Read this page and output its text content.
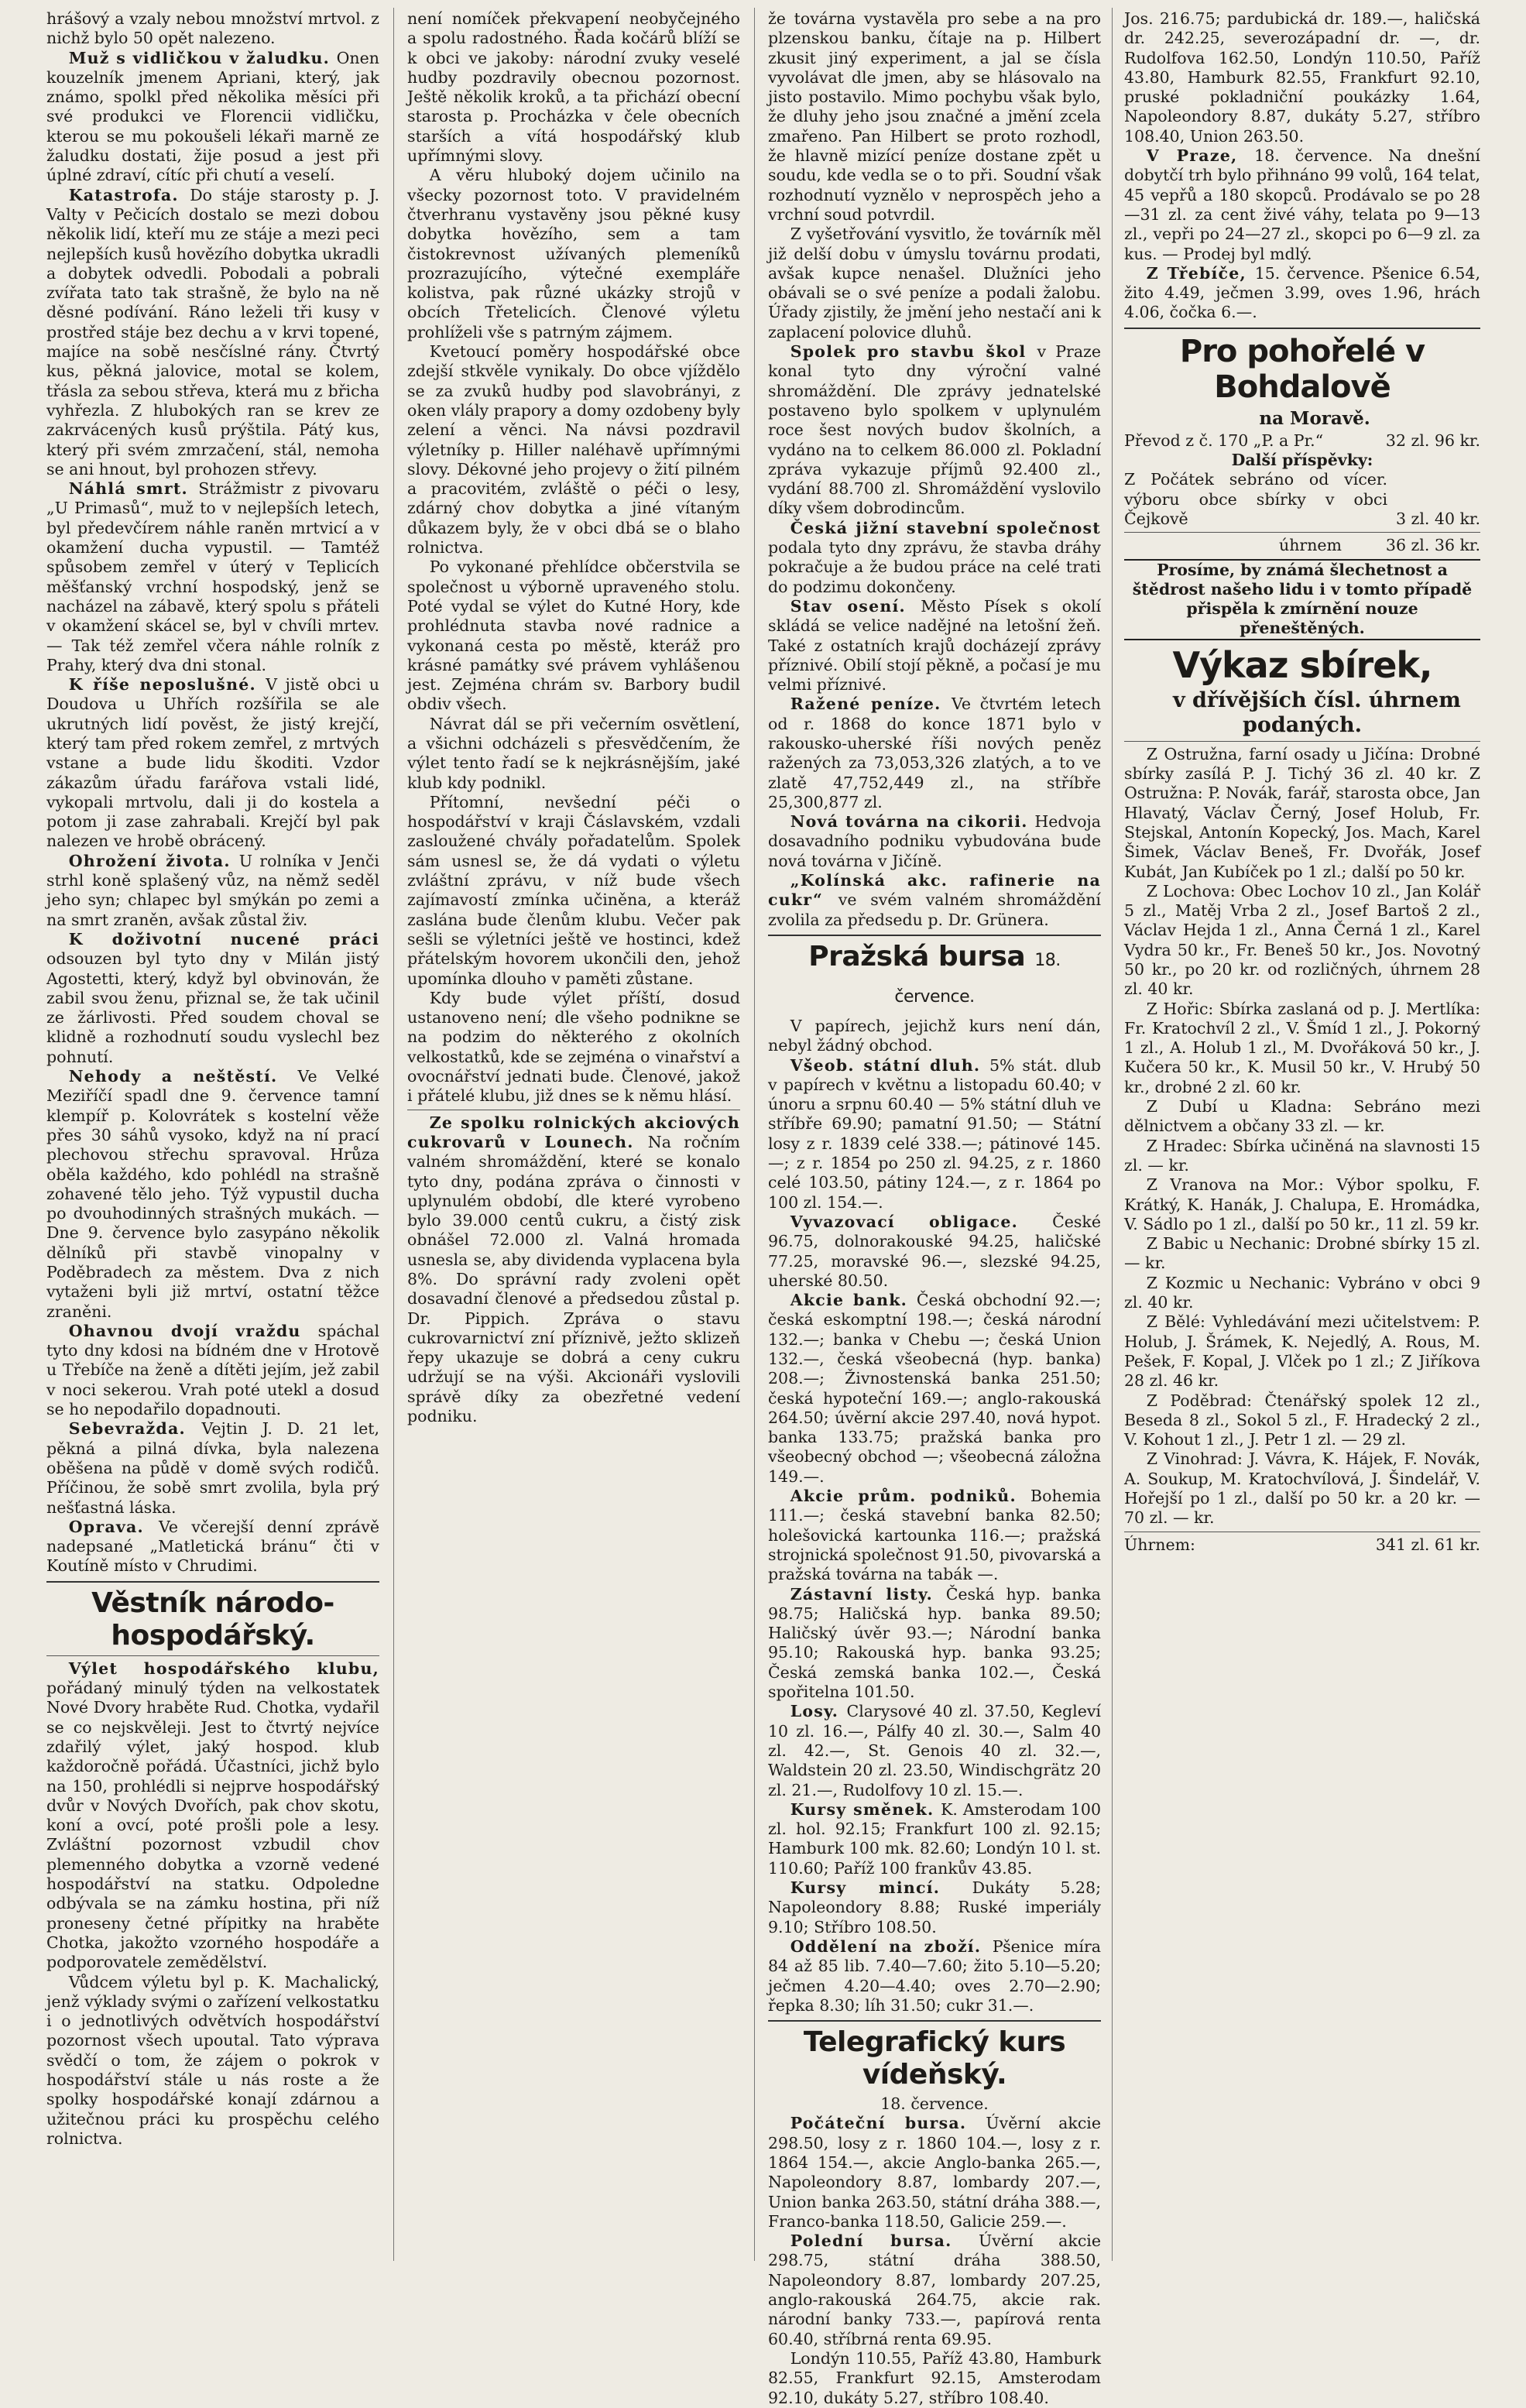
hrášový a vzaly nebou množství mrtvol. z nichž bylo 50 opět nalezeno.

Muž s vidličkou v žaludku. Onen kouzelník jmenem Apriani, který, jak známo, spolkl před několika měsíci při své produkci ve Florencii vidličku, kterou se mu pokoušeli lékaři marně ze žaludku dostati, žije posud a jest při úplné zdraví, cítíc při chutí a veselí.

Katastrofa. Do stáje starosty p. J. Valty v Pečicích dostalo se mezi dobou několik lidí, kteří mu ze stáje a mezi peci nejlepších kusů hovězího dobytka ukradli a dobytek odvedli. Pobodali a pobrali zvířata tato tak strašně, že bylo na ně děsné podívání. Ráno leželi tři kusy v prostřed stáje bez dechu a v krvi topené, majíce na sobě nesčíslné rány. Čtvrtý kus, pěkná jalovice, motal se kolem, třásla za sebou střeva, která mu z břicha vyhřezla. Z hlubokých ran se krev ze zakrvácených kusů prýštila. Pátý kus, který při svém zmrzačení, stál, nemoha se ani hnout, byl prohozen střevy.

Náhlá smrt. Strážmistr z pivovaru „U Primasů“, muž to v nejlepších letech, byl předevčírem náhle raněn mrtvicí a v okamžení ducha vypustil. — Tamtéž spůsobem zemřel v úterý v Teplicích měšťanský vrchní hospodský, jenž se nacházel na zábavě, který spolu s přáteli v okamžení skácel se, byl v chvíli mrtev. — Tak též zemřel včera náhle rolník z Prahy, který dva dni stonal.

K říše neposlušné. V jistě obci u Doudova u Uhřích rozšířila se ale ukrutných lidí pověst, že jistý krejčí, který tam před rokem zemřel, z mrtvých vstane a bude lidu škoditi. Vzdor zákazům úřadu farářova vstali lidé, vykopali mrtvolu, dali ji do kostela a potom ji zase zahrabali. Krejčí byl pak nalezen ve hrobě obrácený.

Ohrožení života. U rolníka v Jenči strhl koně splašený vůz, na němž seděl jeho syn; chlapec byl smýkán po zemi a na smrt zraněn, avšak zůstal živ.

K doživotní nucené práciodsouzen byl tyto dny v Milán jistý Agostetti, který, když byl obvinován, že zabil svou ženu, přiznal se, že tak učinil ze žárlivosti. Před soudem choval se klidně a rozhodnutí soudu vyslechl bez pohnutí.

Nehody a neštěstí. Ve Velké Meziříčí spadl dne 9. července tamní klempíř p. Kolovrátek s kostelní věže přes 30 sáhů vysoko, když na ní prací plechovou střechu spravoval. Hrůza oběla každého, kdo pohlédl na strašně zohavené tělo jeho. Týž vypustil ducha po dvouhodinných strašných mukách. — Dne 9. července bylo zasypáno několik dělníků při stavbě vinopalny v Poděbradech za městem. Dva z nich vytaženi byli již mrtví, ostatní těžce zraněni.

Ohavnou dvojí vraždu spáchal tyto dny kdosi na bídném dne v Hrotově u Třebíče na ženě a dítěti jejím, jež zabil v noci sekerou. Vrah poté utekl a dosud se ho nepodařilo dopadnouti.

Sebevražda. Vejtin J. D. 21 let, pěkná a pilná dívka, byla nalezena oběšena na půdě v domě svých rodičů. Příčinou, že sobě smrt zvolila, byla prý nešťastná láska.

Oprava. Ve včerejší denní zprávě nadepsané „Matletická bránu“ čti v Koutíně místo v Chrudimi.

Věstník národo-hospodářský.

Výlet hospodářského klubu,pořádaný minulý týden na velkostatek Nové Dvory hraběte Rud. Chotka, vydařil se co nejskvěleji. Jest to čtvrtý nejvíce zdařilý výlet, jaký hospod. klub každoročně pořádá. Účastníci, jichž bylo na 150, prohlédli si nejprve hospodářský dvůr v Nových Dvořích, pak chov skotu, koní a ovcí, poté prošli pole a lesy. Zvláštní pozornost vzbudil chov plemenného dobytka a vzorně vedené hospodářství na statku. Odpoledne odbývala se na zámku hostina, při níž proneseny četné přípitky na hraběte Chotka, jakožto vzorného hospodáře a podporovatele zemědělství.

Vůdcem výletu byl p. K. Machalický, jenž výklady svými o zařízení velkostatku i o jednotlivých odvětvích hospodářství pozornost všech upoutal. Tato výprava svědčí o tom, že zájem o pokrok v hospodářství stále u nás roste a že spolky hospodářské konají zdárnou a užitečnou práci ku prospěchu celého rolnictva.

není nomíček překvapení neobyčejného a spolu radostného. Řada kočárů blíží se k obci ve jakoby: národní zvuky veselé hudby pozdravily obecnou pozornost. Ještě několik kroků, a ta přichází obecní starosta p. Procházka v čele obecních starších a vítá hospodářský klub upřímnými slovy.

A věru hluboký dojem učinilo na všecky pozornost toto. V pravidelném čtverhranu vystavěny jsou pěkné kusy dobytka hovězího, sem a tam čistokrevnost užívaných plemeníků prozrazujícího, výtečné exempláře kolistva, pak různé ukázky strojů v obcích Třetelicích. Členové výletu prohlíželi vše s patrným zájmem.

Kvetoucí poměry hospodářské obce zdejší stkvěle vynikaly. Do obce vjíždělo se za zvuků hudby pod slavobrányi, z oken vlály prapory a domy ozdobeny byly zelení a věnci. Na návsi pozdravil výletníky p. Hiller naléhavě upřímnými slovy. Dékovné jeho projevy o žití pilném a pracovitém, zvláště o péči o lesy, zdárný chov dobytka a jiné vítaným důkazem byly, že v obci dbá se o blaho rolnictva.

Po vykonané přehlídce občerstvila se společnost u výborně upraveného stolu. Poté vydal se výlet do Kutné Hory, kde prohlédnuta stavba nové radnice a vykonaná cesta po městě, kteráž pro krásné památky své právem vyhlášenou jest. Zejména chrám sv. Barbory budil obdiv všech.

Návrat dál se při večerním osvětlení, a všichni odcházeli s přesvědčením, že výlet tento řadí se k nejkrásnějším, jaké klub kdy podnikl.

Přítomní, nevšední péči o hospodářství v kraji Čáslavském, vzdali zasloužené chvály pořadatelům. Spolek sám usnesl se, že dá vydati o výletu zvláštní zprávu, v níž bude všech zajímavostí zmínka učiněna, a kteráž zaslána bude členům klubu. Večer pak sešli se výletníci ještě ve hostinci, kdež přátelským hovorem ukončili den, jehož upomínka dlouho v paměti zůstane.

Kdy bude výlet příští, dosud ustanoveno není; dle všeho podnikne se na podzim do některého z okolních velkostatků, kde se zejména o vinařství a ovocnářství jednati bude. Členové, jakož i přátelé klubu, již dnes se k němu hlásí.

Ze spolku rolnických akciových cukrovarů v Lounech. Na ročním valném shromáždění, které se konalo tyto dny, podána zpráva o činnosti v uplynulém období, dle které vyrobeno bylo 39.000 centů cukru, a čistý zisk obnášel 72.000 zl. Valná hromada usnesla se, aby dividenda vyplacena byla 8%. Do správní rady zvoleni opět dosavadní členové a předsedou zůstal p. Dr. Pippich. Zpráva o stavu cukrovarnictví zní příznivě, ježto sklizeň řepy ukazuje se dobrá a ceny cukru udržují se na výši. Akcionáři vyslovili správě díky za obezřetné vedení podniku.

že továrna vystavěla pro sebe a na pro plzenskou banku, čítaje na p. Hilbert zkusit jiný experiment, a jal se čísla vyvolávat dle jmen, aby se hlásovalo na jisto postavilo. Mimo pochybu však bylo, že dluhy jeho jsou značné a jmění zcela zmařeno. Pan Hilbert se proto rozhodl, že hlavně mizící peníze dostane zpět u soudu, kde vedla se o to při. Soudní však rozhodnutí vyznělo v neprospěch jeho a vrchní soud potvrdil.

Z vyšetřování vysvitlo, že továrník měl již delší dobu v úmyslu továrnu prodati, avšak kupce nenašel. Dlužníci jeho obávali se o své peníze a podali žalobu. Úřady zjistily, že jmění jeho nestačí ani k zaplacení polovice dluhů.

Spolek pro stavbu škol v Praze konal tyto dny výroční valné shromáždění. Dle zprávy jednatelské postaveno bylo spolkem v uplynulém roce šest nových budov školních, a vydáno na to celkem 86.000 zl. Pokladní zpráva vykazuje příjmů 92.400 zl., vydání 88.700 zl. Shromáždění vyslovilo díky všem dobrodincům.

Česká jižní stavební společnostpodala tyto dny zprávu, že stavba dráhy pokračuje a že budou práce na celé trati do podzimu dokončeny.

Stav osení. Město Písek s okolí skládá se velice nadějné na letošní žeň. Také z ostatních krajů docházejí zprávy příznivé. Obilí stojí pěkně, a počasí je mu velmi příznivé.

Ražené peníze. Ve čtvrtém letech od r. 1868 do konce 1871 bylo v rakousko-uherské říši nových peněz ražených za 73,053,326 zlatých, a to ve zlatě 47,752,449 zl., na stříbře 25,300,877 zl.

Nová továrna na cikorii. Hedvoja dosavadního podniku vybudována bude nová továrna v Jičíně.

„Kolínská akc. rafinerie na cukr“ ve svém valném shromáždění zvolila za předsedu p. Dr. Grünera.

Pražská bursa 18. července.

V papírech, jejichž kurs není dán, nebyl žádný obchod.

Všeob. státní dluh. 5% stát. dlub v papírech v květnu a listopadu 60.40; v únoru a srpnu 60.40 — 5% státní dluh ve stříbře 69.90; pamatní 91.50; — Státní losy z r. 1839 celé 338.—; pátinové 145.—; z r. 1854 po 250 zl. 94.25, z r. 1860 celé 103.50, pátiny 124.—, z r. 1864 po 100 zl. 154.—.

Vyvazovací obligace. České 96.75, dolnorakouské 94.25, haličské 77.25, moravské 96.—, slezské 94.25, uherské 80.50.

Akcie bank. Česká obchodní 92.—; česká eskomptní 198.—; česká národní 132.—; banka v Chebu —; česká Union 132.—, česká všeobecná (hyp. banka) 208.—; Živnostenská banka 251.50; česká hypoteční 169.—; anglo-rakouská 264.50; úvěrní akcie 297.40, nová hypot. banka 133.75; pražská banka pro všeobecný obchod —; všeobecná záložna 149.—.

Akcie prům. podniků. Bohemia 111.—; česká stavební banka 82.50; holešovická kartounka 116.—; pražská strojnická společnost 91.50, pivovarská a pražská továrna na tabák —.

Zástavní listy. Česká hyp. banka 98.75; Haličská hyp. banka 89.50; Haličský úvěr 93.—; Národní banka 95.10; Rakouská hyp. banka 93.25; Česká zemská banka 102.—, Česká spořitelna 101.50.

Losy. Clarysové 40 zl. 37.50, Kegleví 10 zl. 16.—, Pálfy 40 zl. 30.—, Salm 40 zl. 42.—, St. Genois 40 zl. 32.—, Waldstein 20 zl. 23.50, Windischgrätz 20 zl. 21.—, Rudolfovy 10 zl. 15.—.

Kursy směnek. K. Amsterodam 100 zl. hol. 92.15; Frankfurt 100 zl. 92.15; Hamburk 100 mk. 82.60; Londýn 10 l. st. 110.60; Paříž 100 frankův 43.85.

Kursy mincí. Dukáty 5.28; Napoleondory 8.88; Ruské imperiály 9.10; Stříbro 108.50.

Oddělení na zboží. Pšenice míra 84 až 85 lib. 7.40—7.60; žito 5.10—5.20; ječmen 4.20—4.40; oves 2.70—2.90; řepka 8.30; líh 31.50; cukr 31.—.

Telegrafický kurs vídeňský.

18. července.

Počáteční bursa. Úvěrní akcie 298.50, losy z r. 1860 104.—, losy z r. 1864 154.—, akcie Anglo-banka 265.—, Napoleondory 8.87, lombardy 207.—, Union banka 263.50, státní dráha 388.—, Franco-banka 118.50, Galicie 259.—.

Polední bursa. Úvěrní akcie 298.75, státní dráha 388.50, Napoleondory 8.87, lombardy 207.25, anglo-rakouská 264.75, akcie rak. národní banky 733.—, papírová renta 60.40, stříbrná renta 69.95.

Londýn 110.55, Paříž 43.80, Hamburk 82.55, Frankfurt 92.15, Amsterodam 92.10, dukáty 5.27, stříbro 108.40.

Jos. 216.75; pardubická dr. 189.—, haličská dr. 242.25, severozápadní dr. —, dr. Rudolfova 162.50, Londýn 110.50, Paříž 43.80, Hamburk 82.55, Frankfurt 92.10, pruské pokladniční poukázky 1.64, Napoleondory 8.87, dukáty 5.27, stříbro 108.40, Union 263.50.

V Praze, 18. července. Na dnešní dobytčí trh bylo přihnáno 99 volů, 164 telat, 45 vepřů a 180 skopců. Prodávalo se po 28—31 zl. za cent živé váhy, telata po 9—13 zl., vepři po 24—27 zl., skopci po 6—9 zl. za kus. — Prodej byl mdlý.

Z Třebíče, 15. července. Pšenice 6.54, žito 4.49, ječmen 3.99, oves 1.96, hrách 4.06, čočka 6.—.

Pro pohořelé v Bohdalově

na Moravě.

Převod z č. 170 „P. a Pr.“	32 zl. 96 kr.

Další příspěvky:

Z Počátek sebráno od vícer. výboru obce sbírky v obci Čejkově	3 zl. 40 kr.

úhrnem	36 zl. 36 kr.

Prosíme, by známá šlechetnost a štědrost našeho lidu i v tomto případě přispěla k zmírnění nouze přeneštěných.

Výkaz sbírek,

v dřívějších čísl. úhrnem podaných.

Z Ostružna, farní osady u Jičína: Drobné sbírky zasílá P. J. Tichý 36 zl. 40 kr. Z Ostružna: P. Novák, farář, starosta obce, Jan Hlavatý, Václav Černý, Josef Holub, Fr. Stejskal, Antonín Kopecký, Jos. Mach, Karel Šimek, Václav Beneš, Fr. Dvořák, Josef Kubát, Jan Kubíček po 1 zl.; další po 50 kr.

Z Lochova: Obec Lochov 10 zl., Jan Kolář 5 zl., Matěj Vrba 2 zl., Josef Bartoš 2 zl., Václav Hejda 1 zl., Anna Černá 1 zl., Karel Vydra 50 kr., Fr. Beneš 50 kr., Jos. Novotný 50 kr., po 20 kr. od rozličných, úhrnem 28 zl. 40 kr.

Z Hořic: Sbírka zaslaná od p. J. Mertlíka: Fr. Kratochvíl 2 zl., V. Šmíd 1 zl., J. Pokorný 1 zl., A. Holub 1 zl., M. Dvořáková 50 kr., J. Kučera 50 kr., K. Musil 50 kr., V. Hrubý 50 kr., drobné 2 zl. 60 kr.

Z Dubí u Kladna: Sebráno mezi dělnictvem a občany 33 zl. — kr.

Z Hradec: Sbírka učiněná na slavnosti 15 zl. — kr.

Z Vranova na Mor.: Výbor spolku, F. Krátký, K. Hanák, J. Chalupa, E. Hromádka, V. Sádlo po 1 zl., další po 50 kr., 11 zl. 59 kr.

Z Babic u Nechanic: Drobné sbírky 15 zl. — kr.

Z Kozmic u Nechanic: Vybráno v obci 9 zl. 40 kr.

Z Bělé: Vyhledávání mezi učitelstvem: P. Holub, J. Šrámek, K. Nejedlý, A. Rous, M. Pešek, F. Kopal, J. Vlček po 1 zl.; Z Jiříkova 28 zl. 46 kr.

Z Poděbrad: Čtenářský spolek 12 zl., Beseda 8 zl., Sokol 5 zl., F. Hradecký 2 zl., V. Kohout 1 zl., J. Petr 1 zl. — 29 zl.

Z Vinohrad: J. Vávra, K. Hájek, F. Novák, A. Soukup, M. Kratochvílová, J. Šindelář, V. Hořejší po 1 zl., další po 50 kr. a 20 kr. — 70 zl. — kr.

Úhrnem:	341 zl. 61 kr.
